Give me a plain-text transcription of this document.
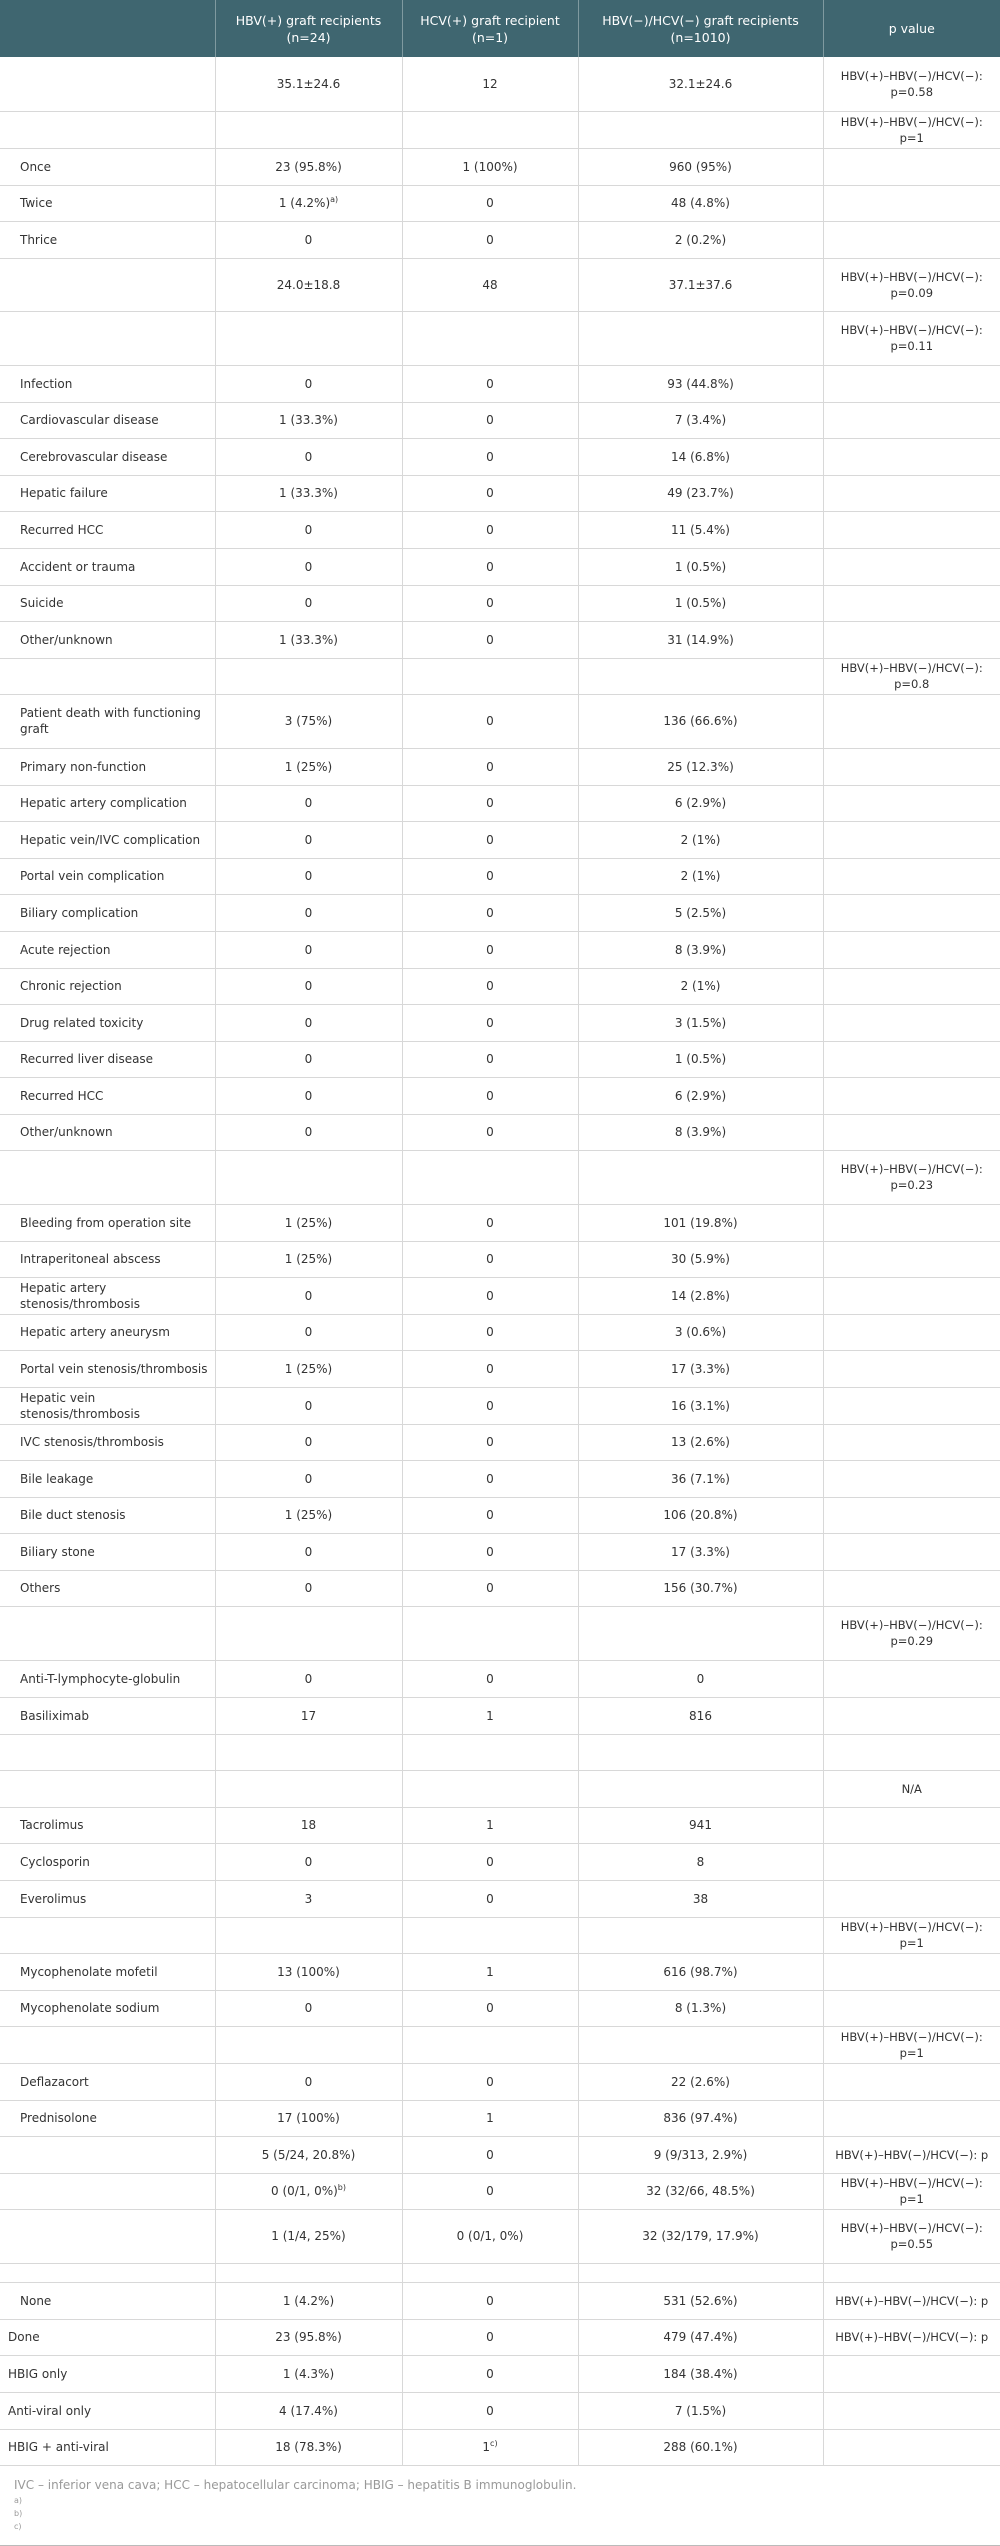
	HBV(+) graft recipients (n=24)	HCV(+) graft recipient (n=1)	HBV(−)/HCV(−) graft recipients (n=1010)	p value
	35.1±24.6	12	32.1±24.6	HBV(+)–HBV(−)/HCV(−): p=0.58
				HBV(+)–HBV(−)/HCV(−): p=1
Once	23 (95.8%)	1 (100%)	960 (95%)	
Twice	1 $(4.2\%)^{a)}$	0	48 (4.8%)	
Thrice	0	0	2 (0.2%)	
	24.0±18.8	48	37.1±37.6	HBV(+)–HBV(−)/HCV(−): p=0.09
				HBV(+)–HBV(−)/HCV(−): p=0.11
Infection	0	0	93 (44.8%)	
Cardiovascular disease	1 (33.3%)	0	7 (3.4%)	
Cerebrovascular disease	0	0	14 (6.8%)	
Hepatic failure	1 (33.3%)	0	49 (23.7%)	
Recurred HCC	0	0	11 (5.4%)	
Accident or trauma	0	0	1 (0.5%)	
Suicide	0	0	1 (0.5%)	
Other/unknown	1 (33.3%)	0	31 (14.9%)	
				HBV(+)–HBV(−)/HCV(−): p=0.8
Patient death with functioning graft	3 (75%)	0	136 (66.6%)	
Primary non-function	1 (25%)	0	25 (12.3%)	
Hepatic artery complication	0	0	6 (2.9%)	
Hepatic vein/IVC complication	0	0	2 (1%)	
Portal vein complication	0	0	2 (1%)	
Biliary complication	0	0	5 (2.5%)	
Acute rejection	0	0	8 (3.9%)	
Chronic rejection	0	0	2 (1%)	
Drug related toxicity	0	0	3 (1.5%)	
Recurred liver disease	0	0	1 (0.5%)	
Recurred HCC	0	0	6 (2.9%)	
Other/unknown	0	0	8 (3.9%)	
				HBV(+)–HBV(−)/HCV(−): p=0.23
Bleeding from operation site	1 (25%)	0	101 (19.8%)	
Intraperitoneal abscess	1 (25%)	0	30 (5.9%)	
Hepatic artery stenosis/thrombosis	0	0	14 (2.8%)	
Hepatic artery aneurysm	0	0	3 (0.6%)	
Portal vein stenosis/thrombosis	1 (25%)	0	17 (3.3%)	
Hepatic vein stenosis/thrombosis	0	0	16 (3.1%)	
IVC stenosis/thrombosis	0	0	13 (2.6%)	
Bile leakage	0	0	36 (7.1%)	
Bile duct stenosis	1 (25%)	0	106 (20.8%)	
Biliary stone	0	0	17 (3.3%)	
Others	0	0	156 (30.7%)	
				HBV(+)–HBV(−)/HCV(−): p=0.29
Anti-T-lymphocyte-globulin	0	0	0	
Basiliximab	17	1	816	

				N/A
Tacrolimus	18	1	941	
Cyclosporin	0	0	8	
Everolimus	3	0	38	
				HBV(+)–HBV(−)/HCV(−): p=1
Mycophenolate mofetil	13 (100%)	1	616 (98.7%)	
Mycophenolate sodium	0	0	8 (1.3%)	
				HBV(+)–HBV(−)/HCV(−): p=1
Deflazacort	0	0	22 (2.6%)	
Prednisolone	17 (100%)	1	836 (97.4%)	
	5 (5/24, 20.8%)	0	9 (9/313, 2.9%)	HBV(+)–HBV(−)/HCV(−): p
	0 (0/1, 0%)$^{b)}$	0	32 (32/66, 48.5%)	HBV(+)–HBV(−)/HCV(−): p=1
	1 (1/4, 25%)	0 (0/1, 0%)	32 (32/179, 17.9%)	HBV(+)–HBV(−)/HCV(−): p=0.55

None	1 (4.2%)	0	531 (52.6%)	HBV(+)–HBV(−)/HCV(−): p
Done	23 (95.8%)	0	479 (47.4%)	HBV(+)–HBV(−)/HCV(−): p
HBIG only	1 (4.3%)	0	184 (38.4%)	
Anti-viral only	4 (17.4%)	0	7 (1.5%)	
HBIG + anti-viral	18 (78.3%)	1$^{c)}$	288 (60.1%)	
IVC – inferior vena cava; HCC – hepatocellular carcinoma; HBIG – hepatitis B immunoglobulin.
a)
b)
c)
